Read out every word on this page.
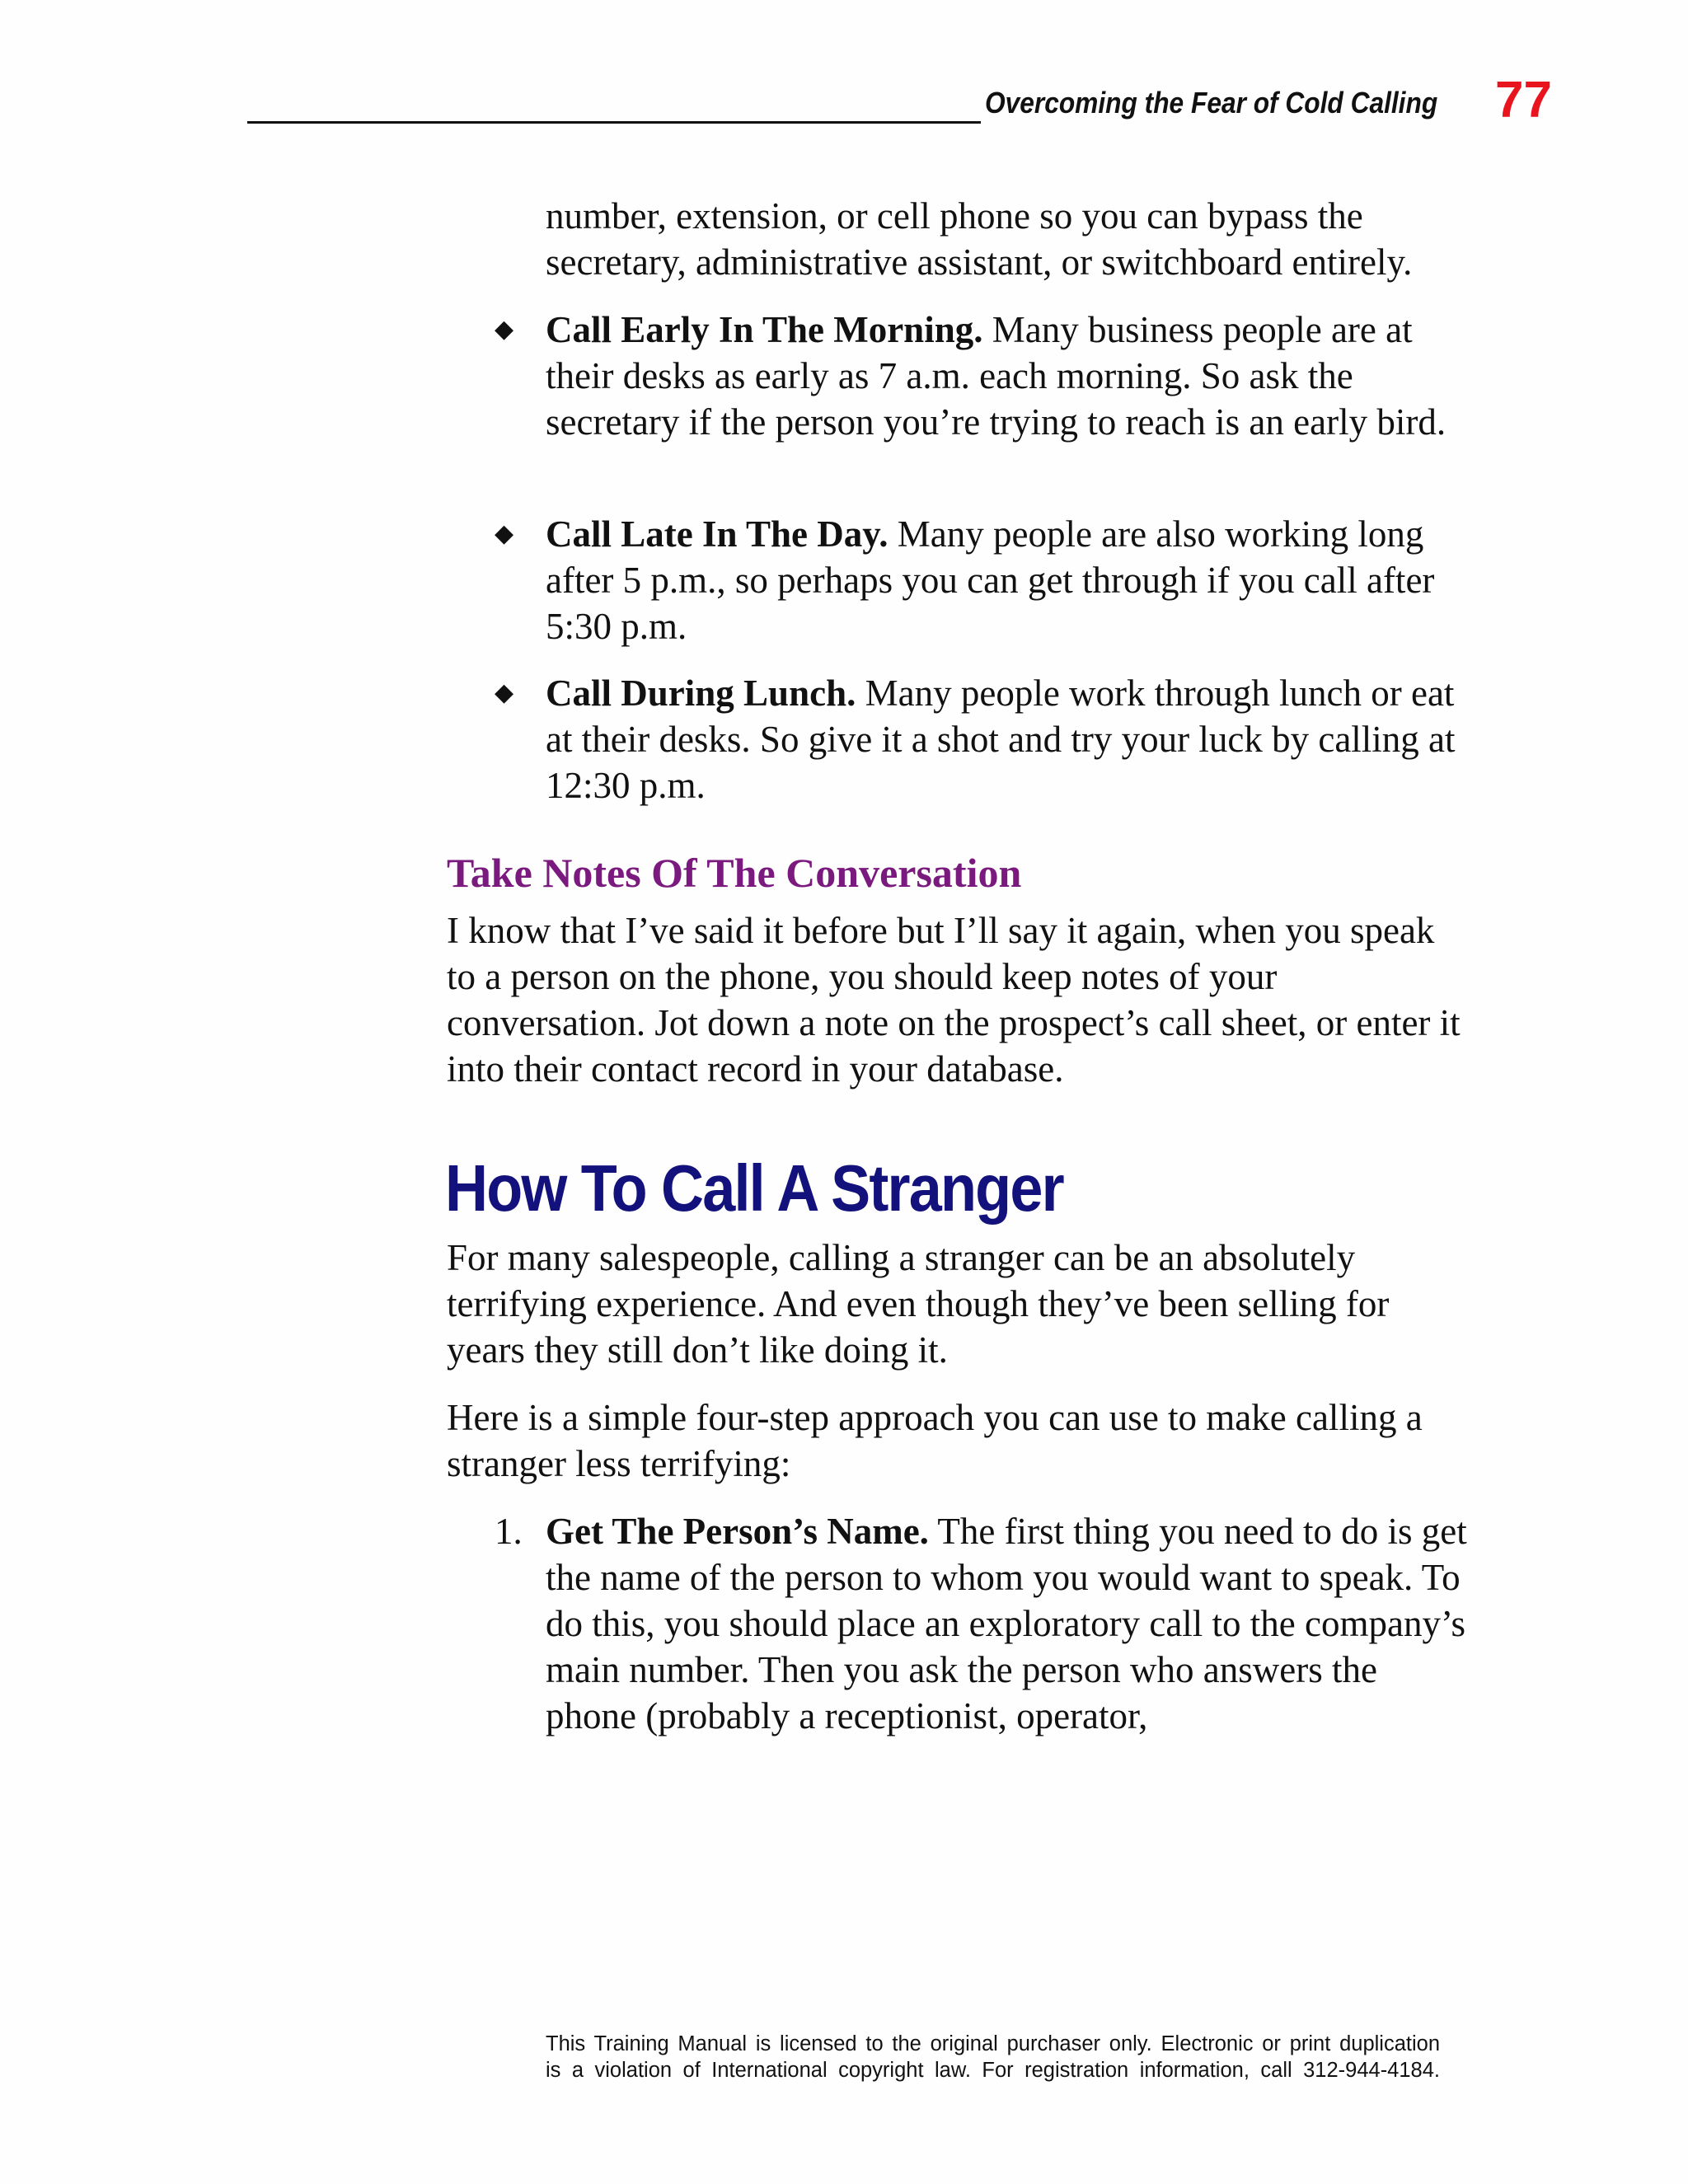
Overcoming the Fear of Cold Calling 77
number, extension, or cell phone so you can bypass the secretary, administrative assistant, or switchboard entirely.
◆ Call Early In The Morning. Many business people are at their desks as early as 7 a.m. each morning. So ask the secretary if the person you’re trying to reach is an early bird.
◆ Call Late In The Day. Many people are also working long after 5 p.m., so perhaps you can get through if you call after 5:30 p.m.
◆ Call During Lunch. Many people work through lunch or eat at their desks. So give it a shot and try your luck by calling at 12:30 p.m.
Take Notes Of The Conversation
I know that I’ve said it before but I’ll say it again, when you speak to a person on the phone, you should keep notes of your conversation. Jot down a note on the prospect’s call sheet, or enter it into their contact record in your database.
How To Call A Stranger
For many salespeople, calling a stranger can be an absolutely terrifying experience. And even though they’ve been selling for years they still don’t like doing it.
Here is a simple four-step approach you can use to make calling a stranger less terrifying:
1. Get The Person’s Name. The first thing you need to do is get the name of the person to whom you would want to speak. To do this, you should place an exploratory call to the company’s main number. Then you ask the person who answers the phone (probably a receptionist, operator,
This Training Manual is licensed to the original purchaser only. Electronic or print duplication
is a violation of International copyright law. For registration information, call 312-944-4184.
